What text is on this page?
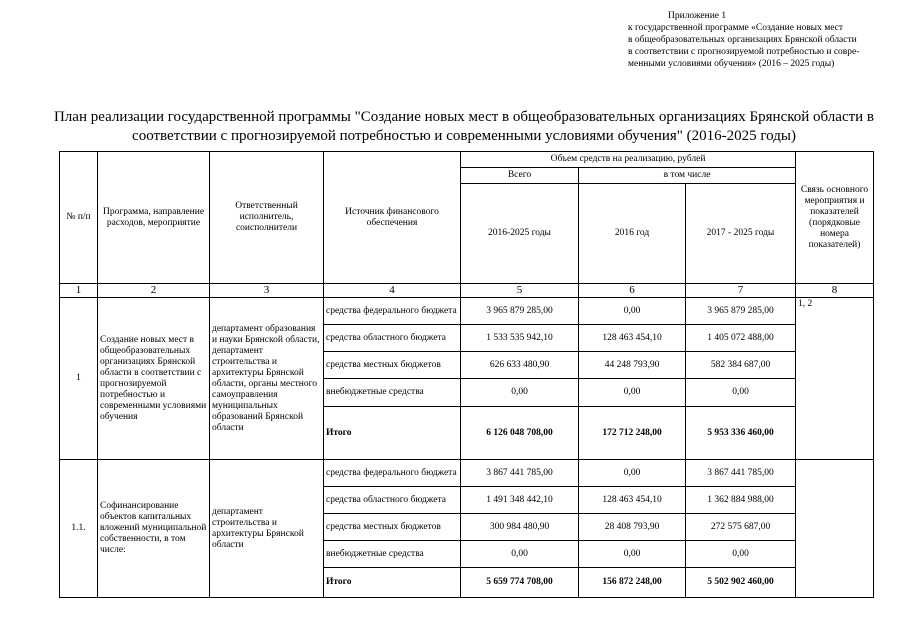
Приложение 1
к государственной программе «Создание новых мест
в общеобразовательных организациях Брянской области
в соответствии с прогнозируемой потребностью и совре-
менными условиями обучения» (2016 – 2025 годы)
План реализации государственной программы "Создание новых мест в общеобразовательных организациях Брянской области в соответствии с прогнозируемой потребностью и современными условиями обучения" (2016-2025 годы)
№ п/п	Программа, направление расходов, мероприятие	Ответственный исполнитель, соисполнители	Источник финансового обеспечения	Объем средств на реализацию, рублей			Связь основного мероприятия и показателей (порядковые номера показателей)
				Всего	в том числе		
				2016-2025 годы	2016 год	2017 - 2025 годы	
1	2	3	4	5	6	7	8
1	Создание новых мест в общеобразовательных организациях Брянской области в соответствии с прогнозируемой потребностью и современными условиями обучения	департамент образования и науки Брянской области, департамент строительства и архитектуры Брянской области, органы местного самоуправления муниципальных образований Брянской области	средства федерального бюджета	3 965 879 285,00	0,00	3 965 879 285,00	1, 2
			средства областного бюджета	1 533 535 942,10	128 463 454,10	1 405 072 488,00	
			средства местных бюджетов	626 633 480,90	44 248 793,90	582 384 687,00	
			внебюджетные средства	0,00	0,00	0,00	
			Итого	6 126 048 708,00	172 712 248,00	5 953 336 460,00	
1.1.	Софинансирование объектов капитальных вложений муниципальной собственности, в том числе:	департамент строительства и архитектуры Брянской области	средства федерального бюджета	3 867 441 785,00	0,00	3 867 441 785,00	
			средства областного бюджета	1 491 348 442,10	128 463 454,10	1 362 884 988,00	
			средства местных бюджетов	300 984 480,90	28 408 793,90	272 575 687,00	
			внебюджетные средства	0,00	0,00	0,00	
			Итого	5 659 774 708,00	156 872 248,00	5 502 902 460,00	
